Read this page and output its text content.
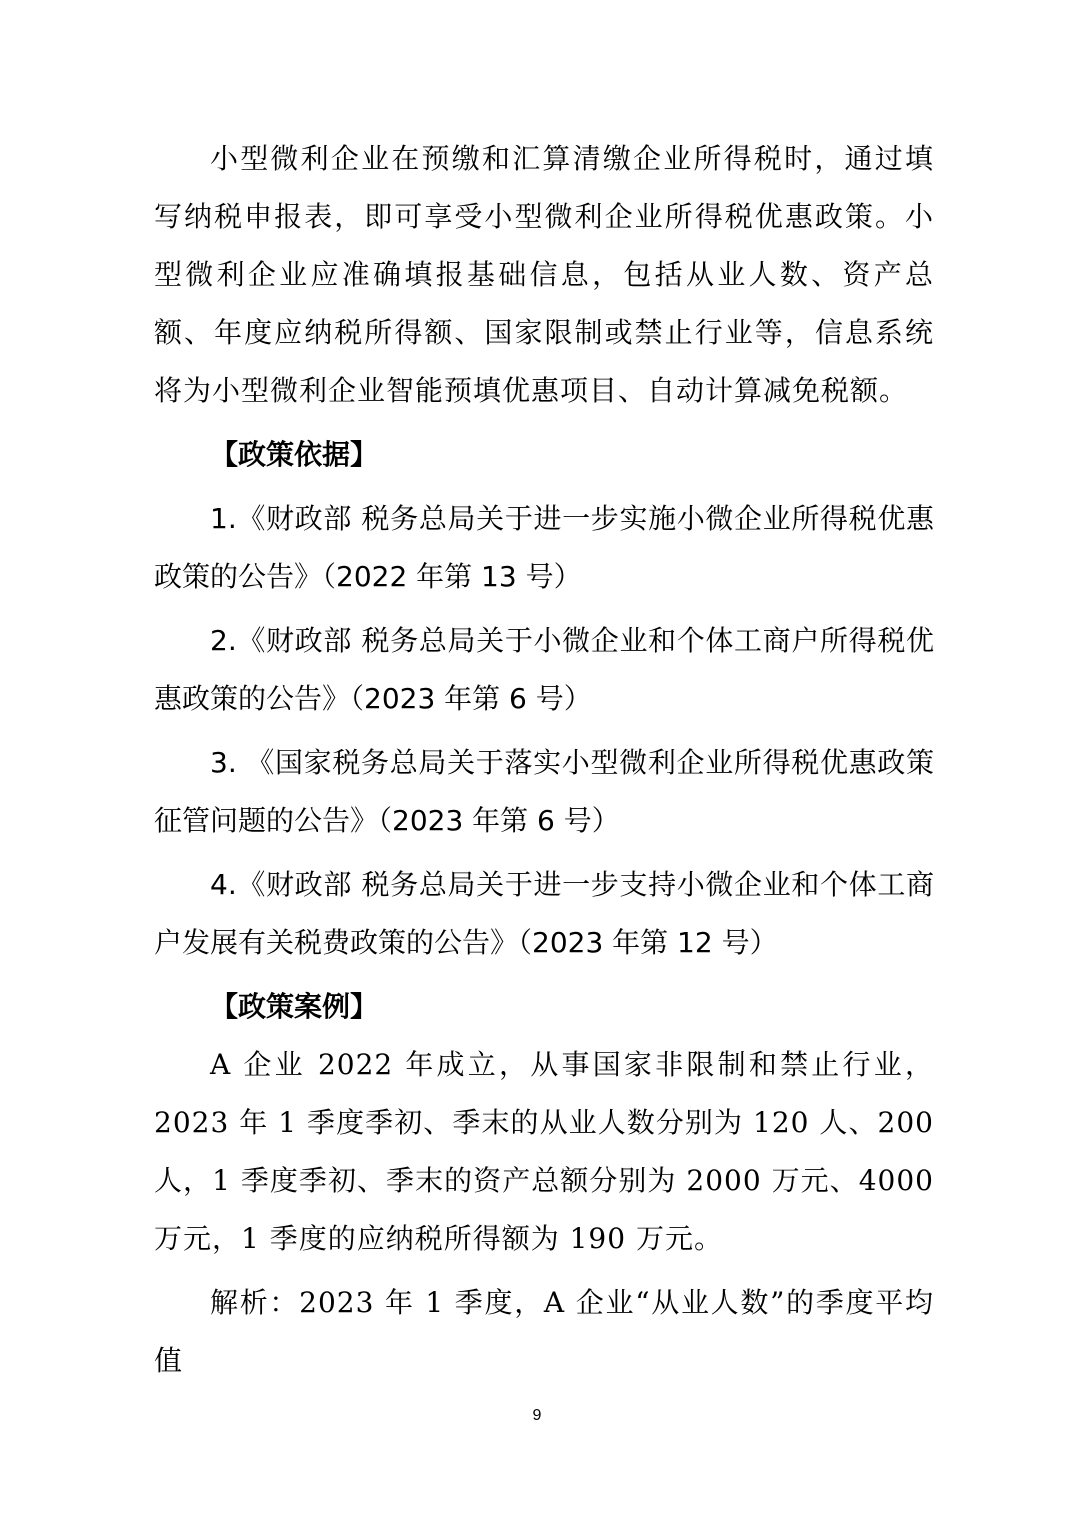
小型微利企业在预缴和汇算清缴企业所得税时，通过填写纳税申报表，即可享受小型微利企业所得税优惠政策。小型微利企业应准确填报基础信息，包括从业人数、资产总额、年度应纳税所得额、国家限制或禁止行业等，信息系统将为小型微利企业智能预填优惠项目、自动计算减免税额。

【政策依据】

1.《财政部 税务总局关于进一步实施小微企业所得税优惠政策的公告》（2022 年第 13 号）

2.《财政部 税务总局关于小微企业和个体工商户所得税优惠政策的公告》（2023 年第 6 号）

3. 《国家税务总局关于落实小型微利企业所得税优惠政策征管问题的公告》（2023 年第 6 号）

4.《财政部 税务总局关于进一步支持小微企业和个体工商户发展有关税费政策的公告》（2023 年第 12 号）

【政策案例】

A 企业 2022 年成立，从事国家非限制和禁止行业，2023 年 1 季度季初、季末的从业人数分别为 120 人、200 人，1 季度季初、季末的资产总额分别为 2000 万元、4000 万元，1 季度的应纳税所得额为 190 万元。

解析：2023 年 1 季度，A 企业“从业人数”的季度平均值

9
